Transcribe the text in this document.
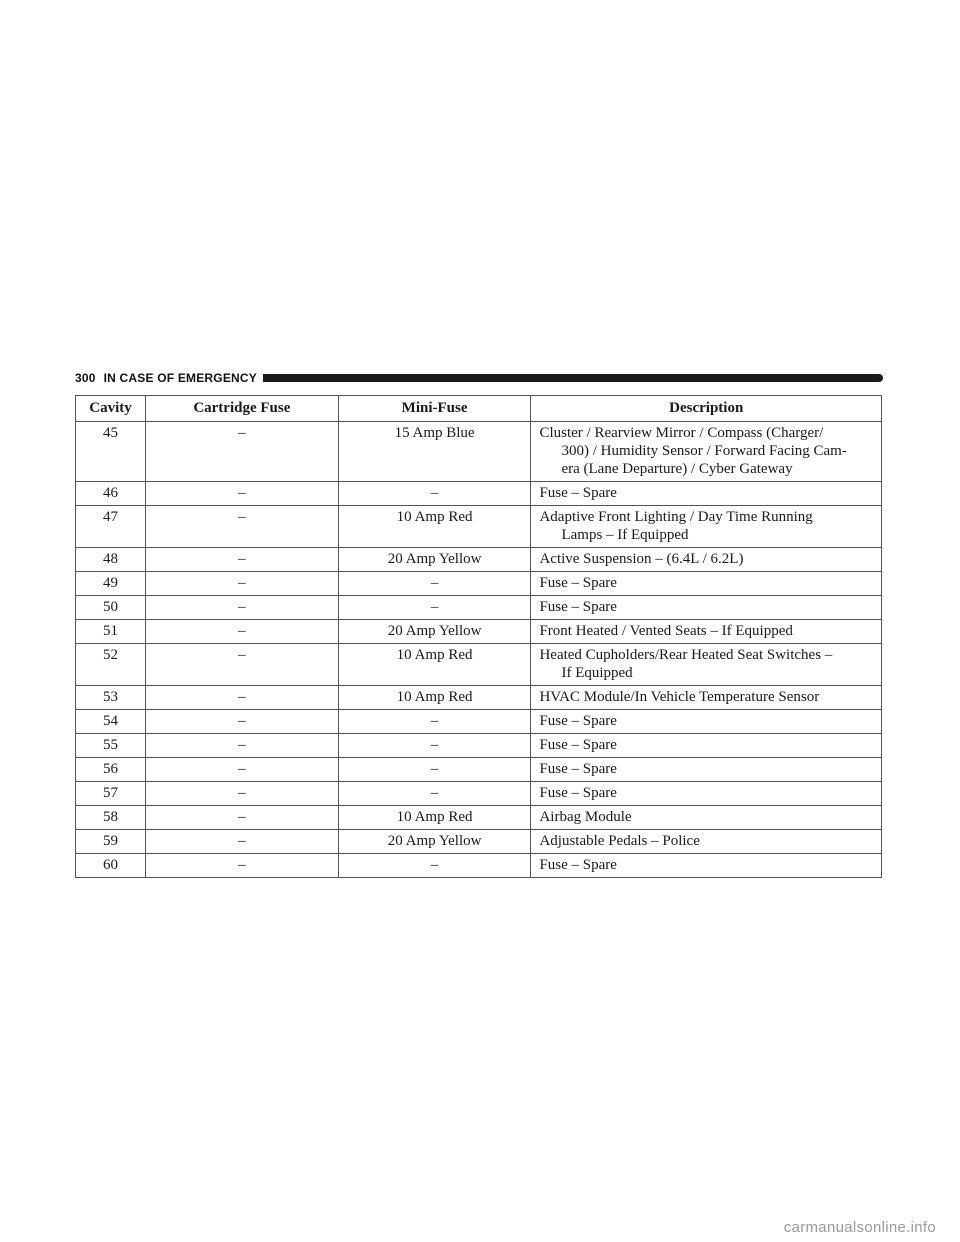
300 IN CASE OF EMERGENCY
Cavity	Cartridge Fuse	Mini-Fuse	Description
45	–	15 Amp Blue	Cluster / Rearview Mirror / Compass (Charger/
300) / Humidity Sensor / Forward Facing Cam-
era (Lane Departure) / Cyber Gateway

46	–	–	Fuse – Spare

47	–	10 Amp Red	Adaptive Front Lighting / Day Time Running
Lamps – If Equipped

48	–	20 Amp Yellow	Active Suspension – (6.4L / 6.2L)

49	–	–	Fuse – Spare

50	–	–	Fuse – Spare

51	–	20 Amp Yellow	Front Heated / Vented Seats – If Equipped

52	–	10 Amp Red	Heated Cupholders/Rear Heated Seat Switches –
If Equipped

53	–	10 Amp Red	HVAC Module/In Vehicle Temperature Sensor

54	–	–	Fuse – Spare

55	–	–	Fuse – Spare

56	–	–	Fuse – Spare

57	–	–	Fuse – Spare

58	–	10 Amp Red	Airbag Module

59	–	20 Amp Yellow	Adjustable Pedals – Police

60	–	–	Fuse – Spare
carmanualsonline.info
